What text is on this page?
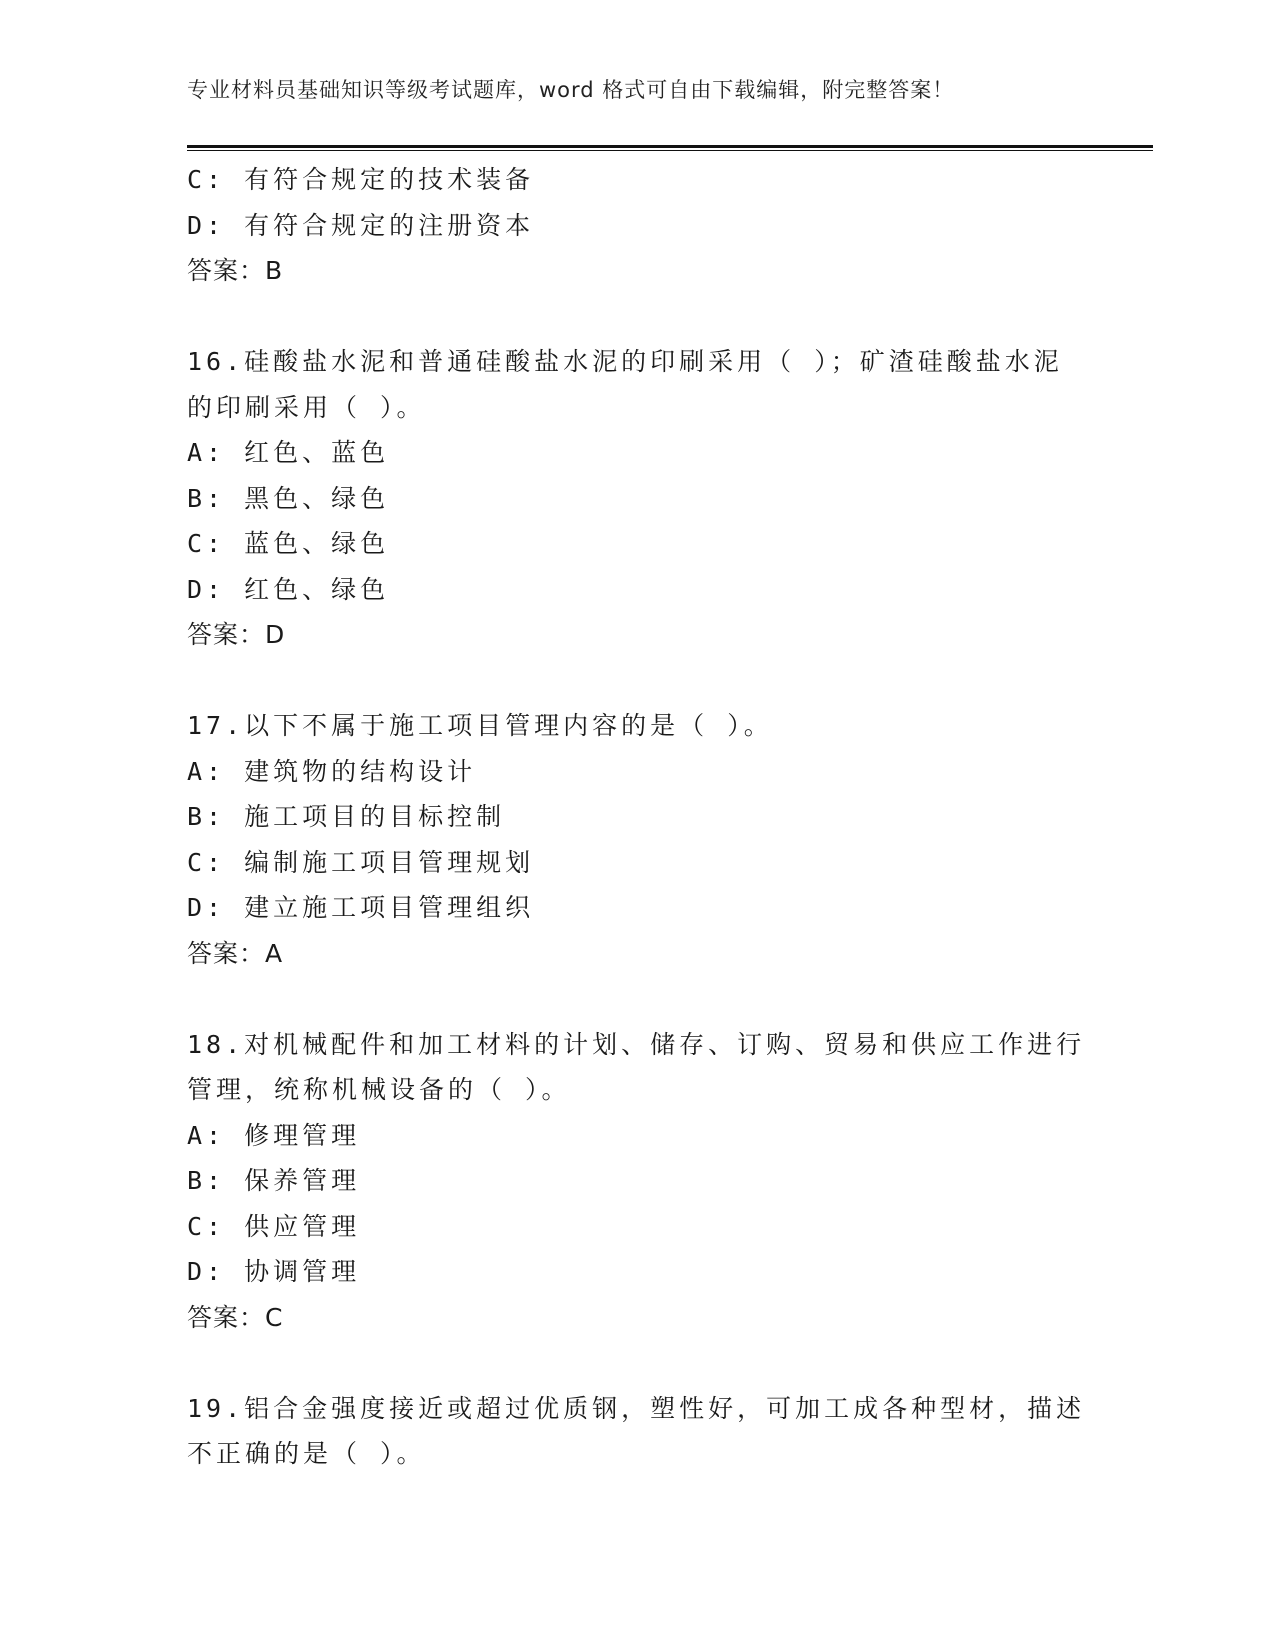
专业材料员基础知识等级考试题库，word 格式可自由下载编辑，附完整答案！
C: 有符合规定的技术装备
D: 有符合规定的注册资本
答案：B
16.硅酸盐水泥和普通硅酸盐水泥的印刷采用（ ）；矿渣硅酸盐水泥
的印刷采用（ ）。
A: 红色、蓝色
B: 黑色、绿色
C: 蓝色、绿色
D: 红色、绿色
答案：D
17.以下不属于施工项目管理内容的是（ ）。
A: 建筑物的结构设计
B: 施工项目的目标控制
C: 编制施工项目管理规划
D: 建立施工项目管理组织
答案：A
18.对机械配件和加工材料的计划、储存、订购、贸易和供应工作进行
管理，统称机械设备的（ ）。
A: 修理管理
B: 保养管理
C: 供应管理
D: 协调管理
答案：C
19.铝合金强度接近或超过优质钢，塑性好，可加工成各种型材，描述
不正确的是（ ）。
